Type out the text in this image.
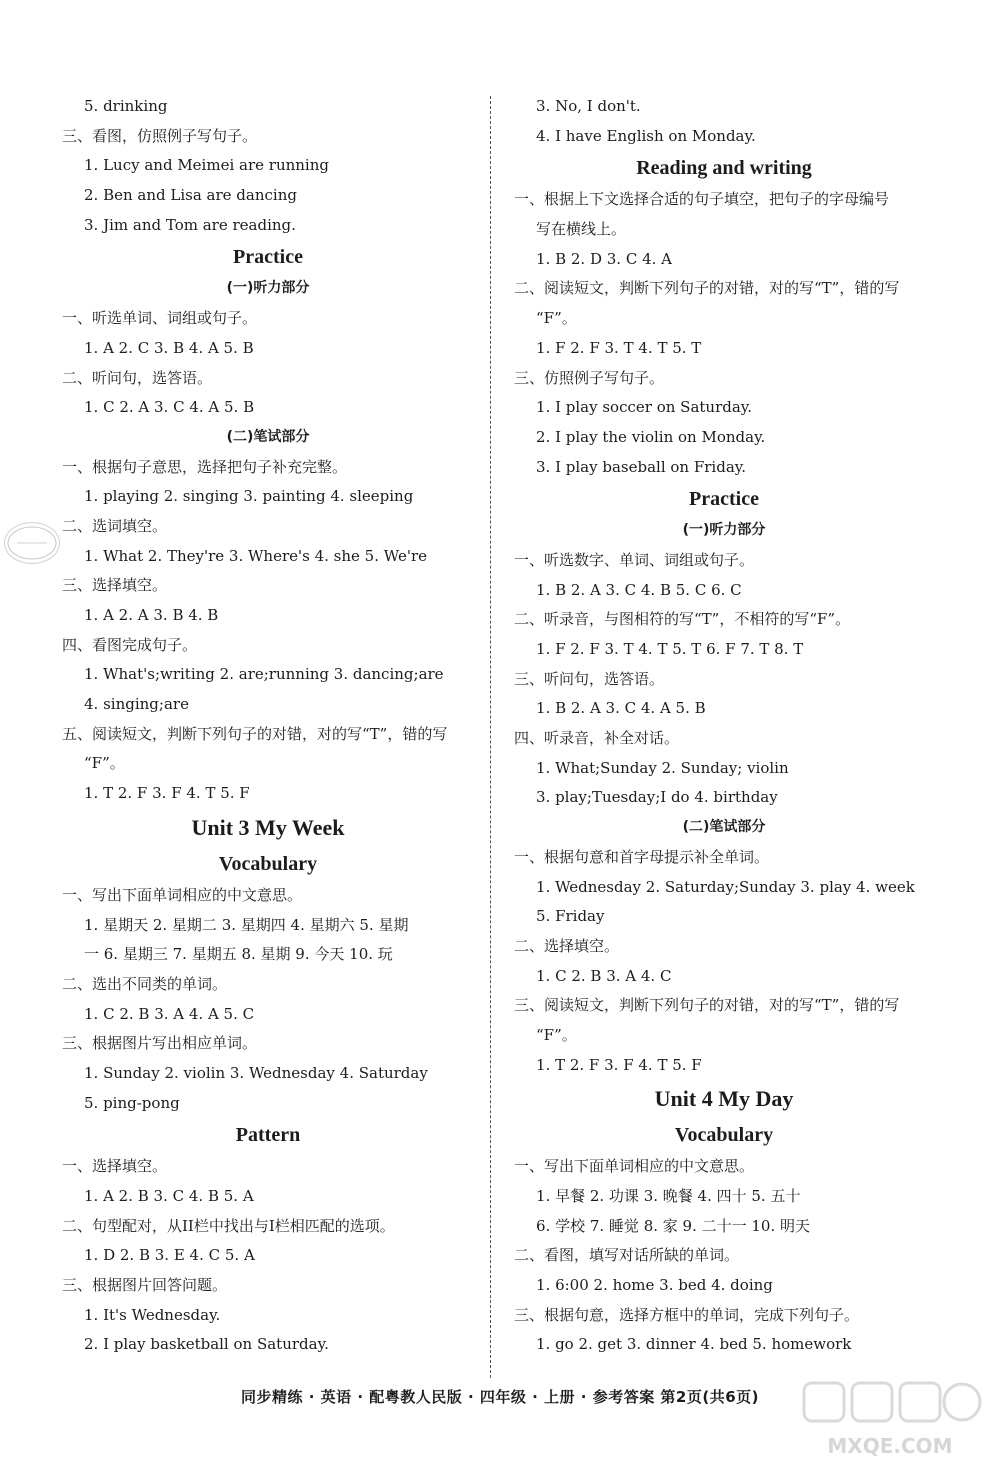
5. drinking
三、看图，仿照例子写句子。
1. Lucy and Meimei are running
2. Ben and Lisa are dancing
3. Jim and Tom are reading.
Practice
(一)听力部分
一、听选单词、词组或句子。
1. A 2. C 3. B 4. A 5. B
二、听问句，选答语。
1. C 2. A 3. C 4. A 5. B
(二)笔试部分
一、根据句子意思，选择把句子补充完整。
1. playing 2. singing 3. painting 4. sleeping
二、选词填空。
1. What 2. They're 3. Where's 4. she 5. We're
三、选择填空。
1. A 2. A 3. B 4. B
四、看图完成句子。
1. What's;writing 2. are;running 3. dancing;are
4. singing;are
五、阅读短文，判断下列句子的对错，对的写“T”，错的写
“F”。
1. T 2. F 3. F 4. T 5. F
Unit 3 My Week
Vocabulary
一、写出下面单词相应的中文意思。
1. 星期天 2. 星期二 3. 星期四 4. 星期六 5. 星期
一 6. 星期三 7. 星期五 8. 星期 9. 今天 10. 玩
二、选出不同类的单词。
1. C 2. B 3. A 4. A 5. C
三、根据图片写出相应单词。
1. Sunday 2. violin 3. Wednesday 4. Saturday
5. ping-pong
Pattern
一、选择填空。
1. A 2. B 3. C 4. B 5. A
二、句型配对，从II栏中找出与I栏相匹配的选项。
1. D 2. B 3. E 4. C 5. A
三、根据图片回答问题。
1. It's Wednesday.
2. I play basketball on Saturday.
3. No, I don't.
4. I have English on Monday.
Reading and writing
一、根据上下文选择合适的句子填空，把句子的字母编号
写在横线上。
1. B 2. D 3. C 4. A
二、阅读短文，判断下列句子的对错，对的写“T”，错的写
“F”。
1. F 2. F 3. T 4. T 5. T
三、仿照例子写句子。
1. I play soccer on Saturday.
2. I play the violin on Monday.
3. I play baseball on Friday.
Practice
(一)听力部分
一、听选数字、单词、词组或句子。
1. B 2. A 3. C 4. B 5. C 6. C
二、听录音，与图相符的写“T”，不相符的写“F”。
1. F 2. F 3. T 4. T 5. T 6. F 7. T 8. T
三、听问句，选答语。
1. B 2. A 3. C 4. A 5. B
四、听录音，补全对话。
1. What;Sunday 2. Sunday; violin
3. play;Tuesday;I do 4. birthday
(二)笔试部分
一、根据句意和首字母提示补全单词。
1. Wednesday 2. Saturday;Sunday 3. play 4. week
5. Friday
二、选择填空。
1. C 2. B 3. A 4. C
三、阅读短文，判断下列句子的对错，对的写“T”，错的写
“F”。
1. T 2. F 3. F 4. T 5. F
Unit 4 My Day
Vocabulary
一、写出下面单词相应的中文意思。
1. 早餐 2. 功课 3. 晚餐 4. 四十 5. 五十
6. 学校 7. 睡觉 8. 家 9. 二十一 10. 明天
二、看图，填写对话所缺的单词。
1. 6:00 2. home 3. bed 4. doing
三、根据句意，选择方框中的单词，完成下列句子。
1. go 2. get 3. dinner 4. bed 5. homework
同步精练 · 英语 · 配粤教人民版 · 四年级 · 上册 · 参考答案 第2页(共6页)
MXQE.COM
